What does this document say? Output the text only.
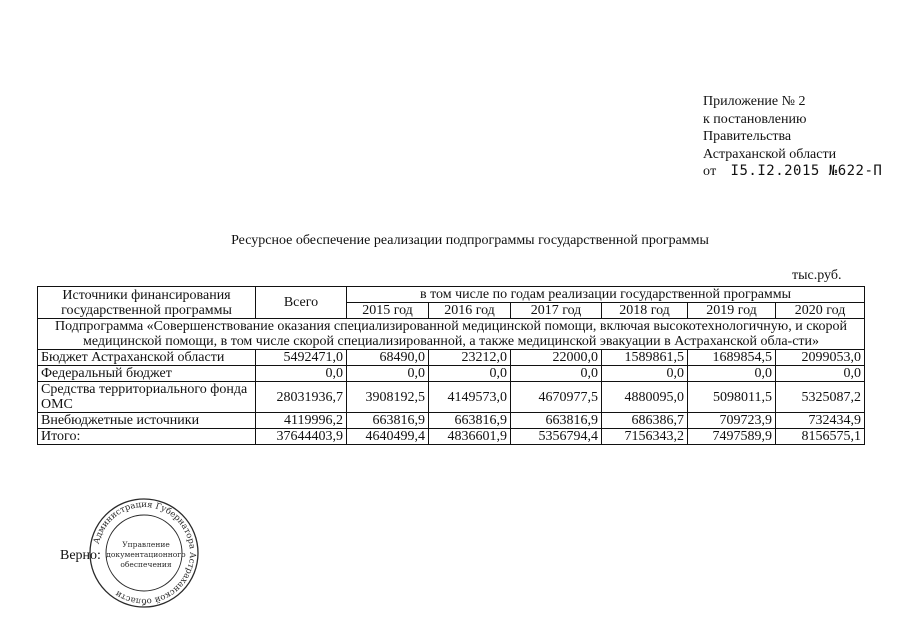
Приложение № 2
к постановлению
Правительства
Астраханской области
от I5.I2.2015 №622-П
Ресурсное обеспечение реализации подпрограммы государственной программы
тыс.руб.
Источники финансирования государственной программы	Всего	в том числе по годам реализации государственной программы					
		2015 год	2016 год	2017 год	2018 год	2019 год	2020 год
Подпрограмма «Совершенствование оказания специализированной медицинской помощи, включая высокотехнологичную, и скорой медицинской помощи, в том числе скорой специализированной, а также медицинской эвакуации в Астраханской обла-сти»							
Бюджет Астраханской области	5492471,0	68490,0	23212,0	22000,0	1589861,5	1689854,5	2099053,0
Федеральный бюджет	0,0	0,0	0,0	0,0	0,0	0,0	0,0
Средства территориального фонда ОМС	28031936,7	3908192,5	4149573,0	4670977,5	4880095,0	5098011,5	5325087,2
Внебюджетные источники	4119996,2	663816,9	663816,9	663816,9	686386,7	709723,9	732434,9
Итого:	37644403,9	4640499,4	4836601,9	5356794,4	7156343,2	7497589,9	8156575,1
Администрация Губернатора Астраханской области
Управление
документационного
обеспечения
Верно:
